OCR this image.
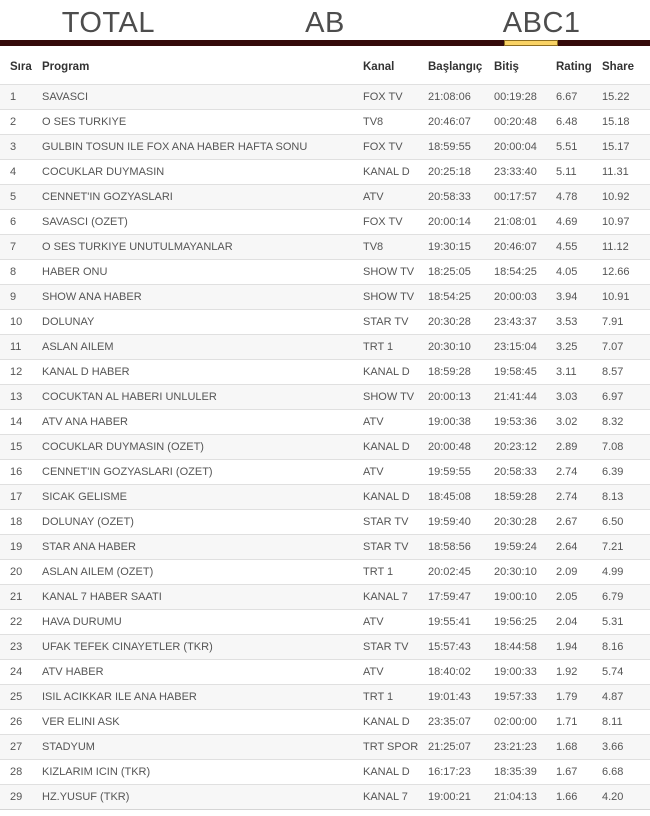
TOTAL	AB	ABC1
Sıra	Program	Kanal	Başlangıç	Bitiş	Rating	Share
1	SAVASCI	FOX TV	21:08:06	00:19:28	6.67	15.22
2	O SES TURKIYE	TV8	20:46:07	00:20:48	6.48	15.18
3	GULBIN TOSUN ILE FOX ANA HABER HAFTA SONU	FOX TV	18:59:55	20:00:04	5.51	15.17
4	COCUKLAR DUYMASIN	KANAL D	20:25:18	23:33:40	5.11	11.31
5	CENNET'IN GOZYASLARI	ATV	20:58:33	00:17:57	4.78	10.92
6	SAVASCI (OZET)	FOX TV	20:00:14	21:08:01	4.69	10.97
7	O SES TURKIYE UNUTULMAYANLAR	TV8	19:30:15	20:46:07	4.55	11.12
8	HABER ONU	SHOW TV	18:25:05	18:54:25	4.05	12.66
9	SHOW ANA HABER	SHOW TV	18:54:25	20:00:03	3.94	10.91
10	DOLUNAY	STAR TV	20:30:28	23:43:37	3.53	7.91
11	ASLAN AILEM	TRT 1	20:30:10	23:15:04	3.25	7.07
12	KANAL D HABER	KANAL D	18:59:28	19:58:45	3.11	8.57
13	COCUKTAN AL HABERI UNLULER	SHOW TV	20:00:13	21:41:44	3.03	6.97
14	ATV ANA HABER	ATV	19:00:38	19:53:36	3.02	8.32
15	COCUKLAR DUYMASIN (OZET)	KANAL D	20:00:48	20:23:12	2.89	7.08
16	CENNET'IN GOZYASLARI (OZET)	ATV	19:59:55	20:58:33	2.74	6.39
17	SICAK GELISME	KANAL D	18:45:08	18:59:28	2.74	8.13
18	DOLUNAY (OZET)	STAR TV	19:59:40	20:30:28	2.67	6.50
19	STAR ANA HABER	STAR TV	18:58:56	19:59:24	2.64	7.21
20	ASLAN AILEM (OZET)	TRT 1	20:02:45	20:30:10	2.09	4.99
21	KANAL 7 HABER SAATI	KANAL 7	17:59:47	19:00:10	2.05	6.79
22	HAVA DURUMU	ATV	19:55:41	19:56:25	2.04	5.31
23	UFAK TEFEK CINAYETLER (TKR)	STAR TV	15:57:43	18:44:58	1.94	8.16
24	ATV HABER	ATV	18:40:02	19:00:33	1.92	5.74
25	ISIL ACIKKAR ILE ANA HABER	TRT 1	19:01:43	19:57:33	1.79	4.87
26	VER ELINI ASK	KANAL D	23:35:07	02:00:00	1.71	8.11
27	STADYUM	TRT SPOR	21:25:07	23:21:23	1.68	3.66
28	KIZLARIM ICIN (TKR)	KANAL D	16:17:23	18:35:39	1.67	6.68
29	HZ.YUSUF (TKR)	KANAL 7	19:00:21	21:04:13	1.66	4.20
